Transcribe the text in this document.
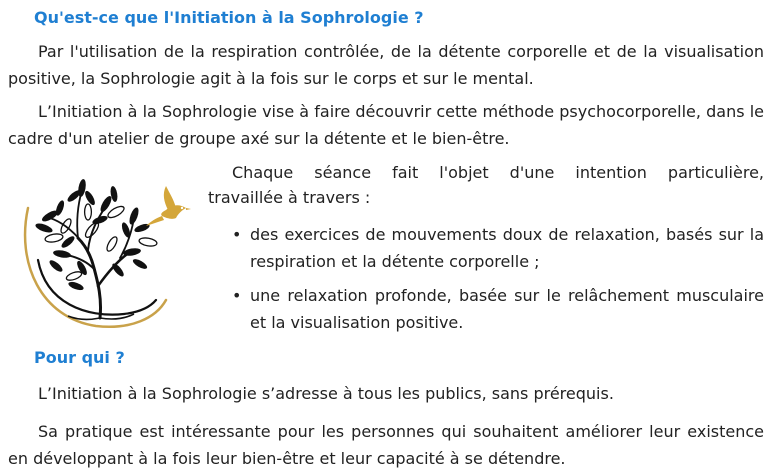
Qu'est-ce que l'Initiation à la Sophrologie ?

Par l'utilisation de la respiration contrôlée, de la détente corporelle et de la visualisation positive, la Sophrologie agit à la fois sur le corps et sur le mental.

L’Initiation à la Sophrologie vise à faire découvrir cette méthode psychocorporelle, dans le cadre d'un atelier de groupe axé sur la détente et le bien-être.

Chaque séance fait l'objet d'une intention particulière,
travaillée à travers :
• des exercices de mouvements doux de relaxation, basés sur la respiration et la détente corporelle ;
• une relaxation profonde, basée sur le relâchement musculaire et la visualisation positive.
Pour qui ?

L’Initiation à la Sophrologie s’adresse à tous les publics, sans prérequis.

Sa pratique est intéressante pour les personnes qui souhaitent améliorer leur existence en développant à la fois leur bien-être et leur capacité à se détendre.
